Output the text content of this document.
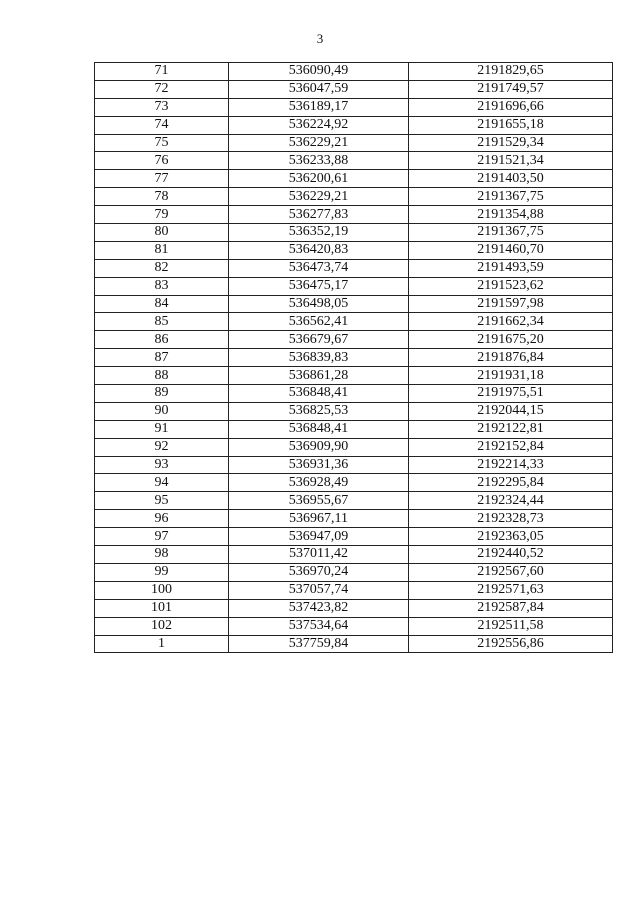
3
71	536090,49	2191829,65
72	536047,59	2191749,57
73	536189,17	2191696,66
74	536224,92	2191655,18
75	536229,21	2191529,34
76	536233,88	2191521,34
77	536200,61	2191403,50
78	536229,21	2191367,75
79	536277,83	2191354,88
80	536352,19	2191367,75
81	536420,83	2191460,70
82	536473,74	2191493,59
83	536475,17	2191523,62
84	536498,05	2191597,98
85	536562,41	2191662,34
86	536679,67	2191675,20
87	536839,83	2191876,84
88	536861,28	2191931,18
89	536848,41	2191975,51
90	536825,53	2192044,15
91	536848,41	2192122,81
92	536909,90	2192152,84
93	536931,36	2192214,33
94	536928,49	2192295,84
95	536955,67	2192324,44
96	536967,11	2192328,73
97	536947,09	2192363,05
98	537011,42	2192440,52
99	536970,24	2192567,60
100	537057,74	2192571,63
101	537423,82	2192587,84
102	537534,64	2192511,58
1	537759,84	2192556,86
